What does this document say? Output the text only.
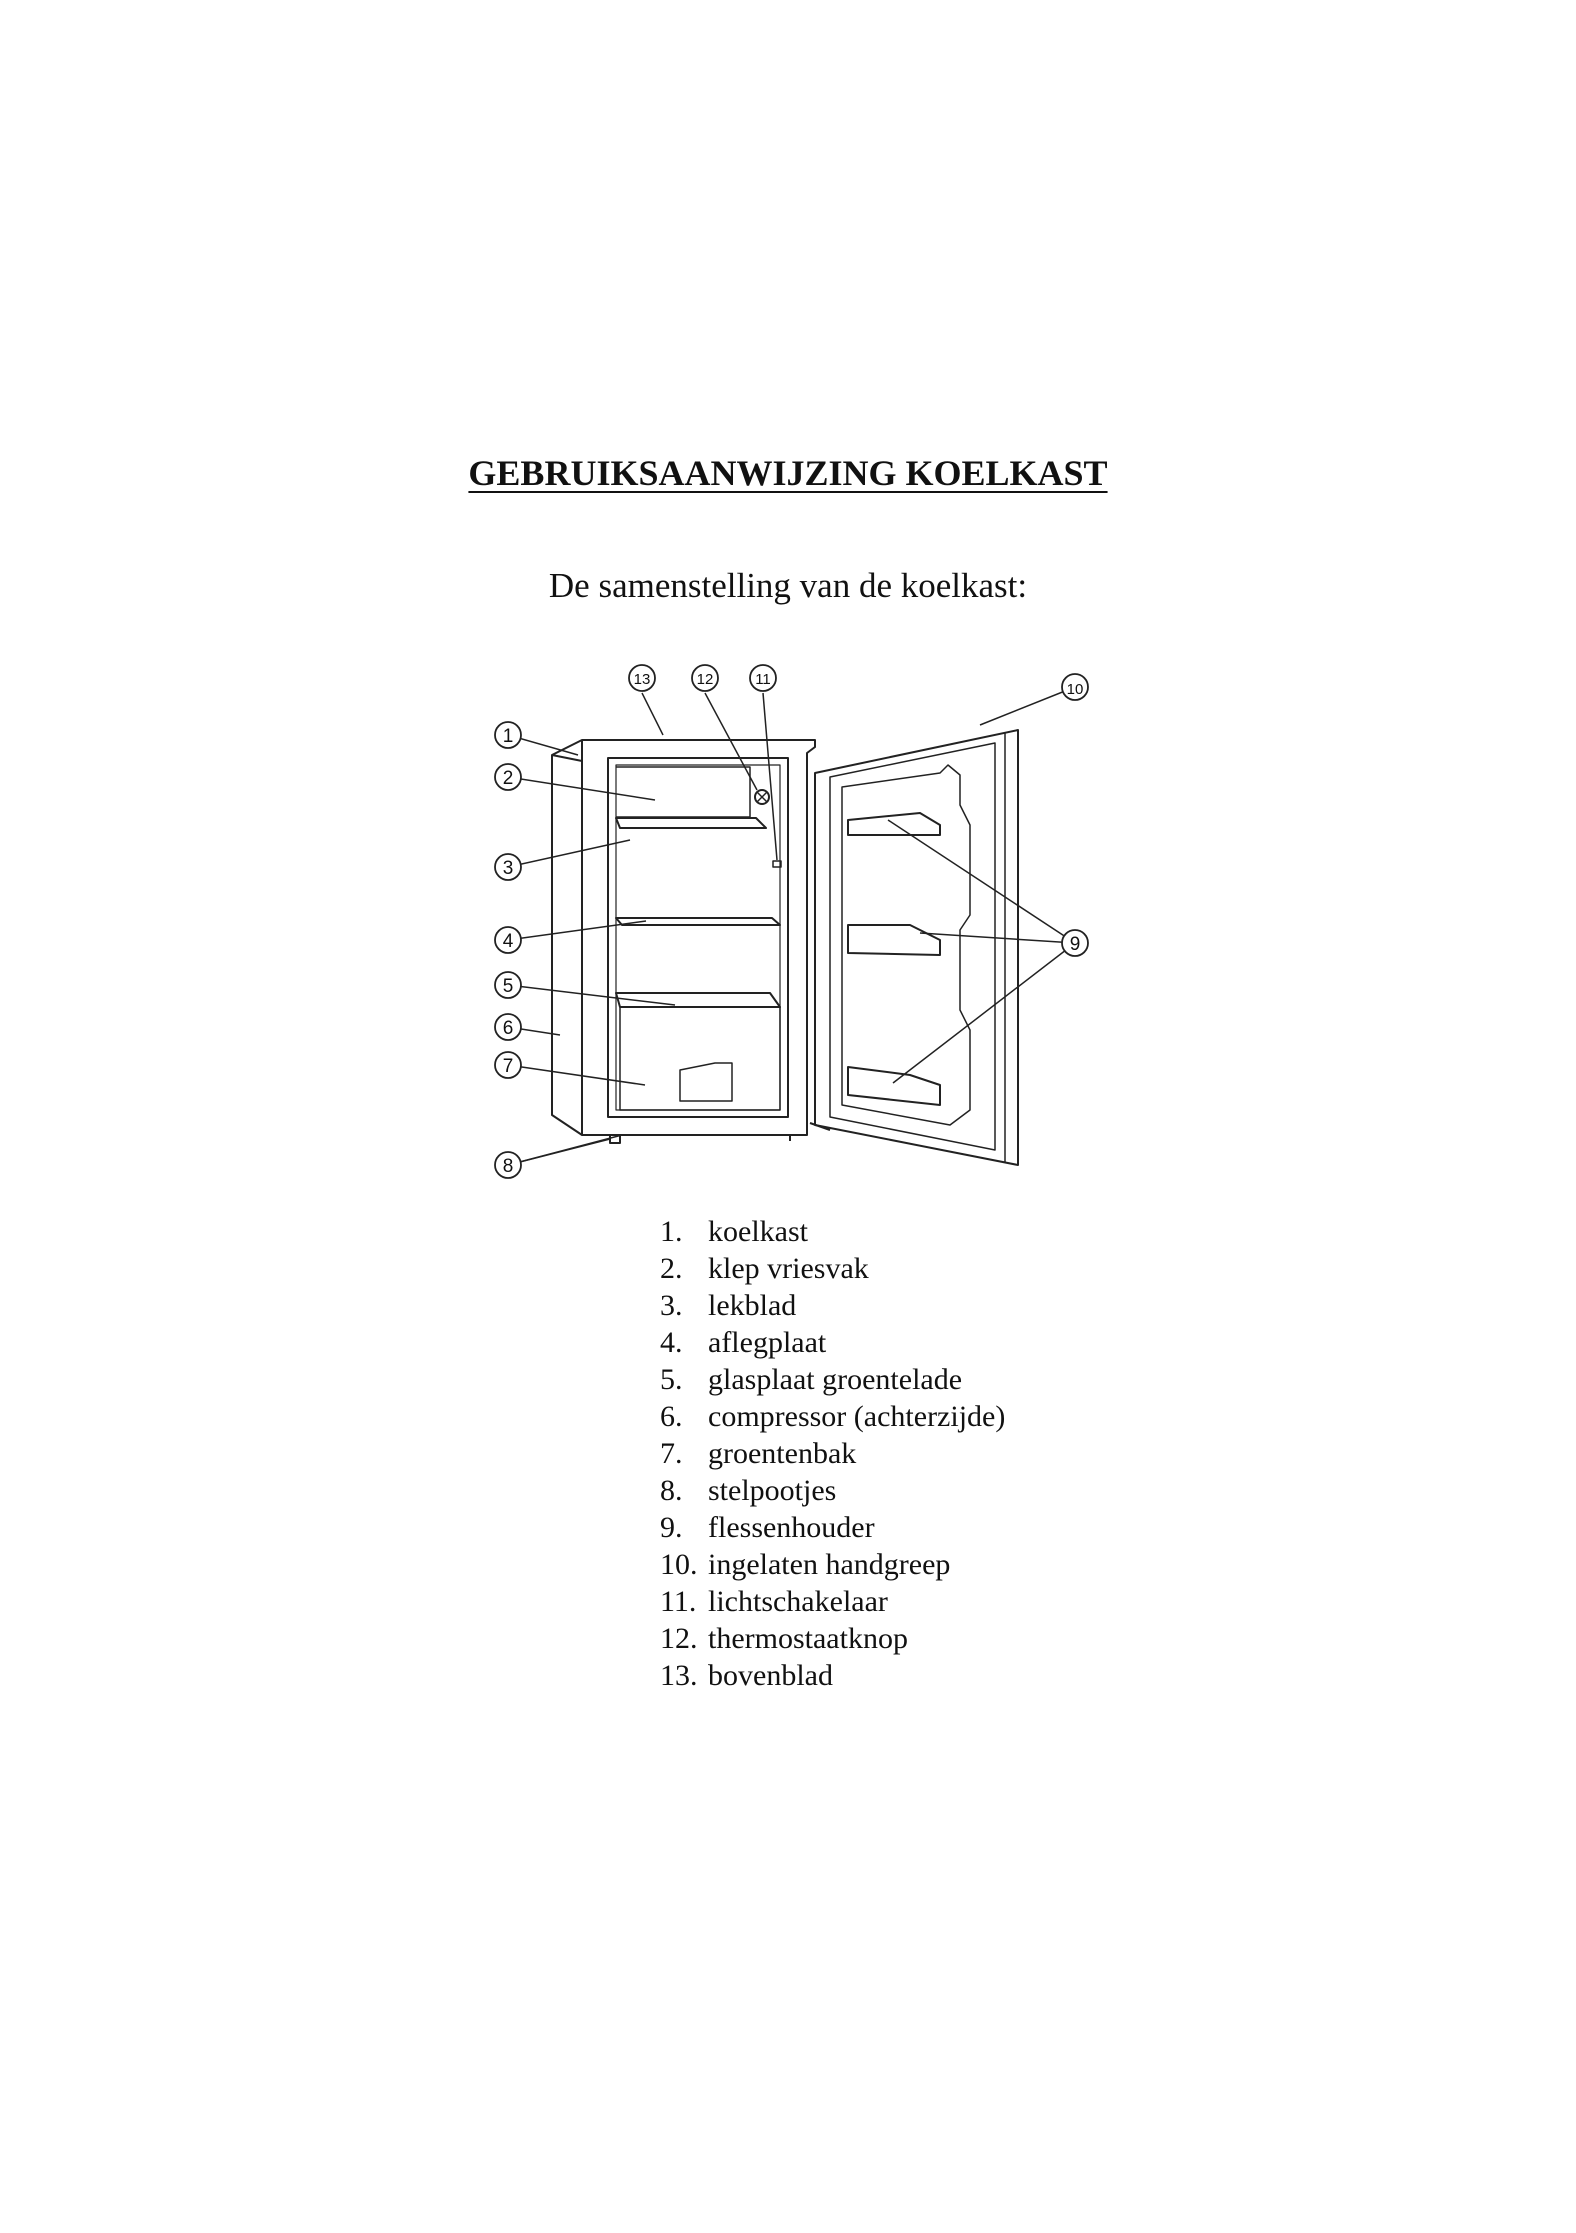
GEBRUIKSAANWIJZING KOELKAST
De samenstelling van de koelkast:
1
2
3
4
5
6
7
8
9
10
11
12
13
1. koelkast
2. klep vriesvak
3. lekblad
4. aflegplaat
5. glasplaat groentelade
6. compressor (achterzijde)
7. groentenbak
8. stelpootjes
9. flessenhouder
10. ingelaten handgreep
11. lichtschakelaar
12. thermostaatknop
13. bovenblad
